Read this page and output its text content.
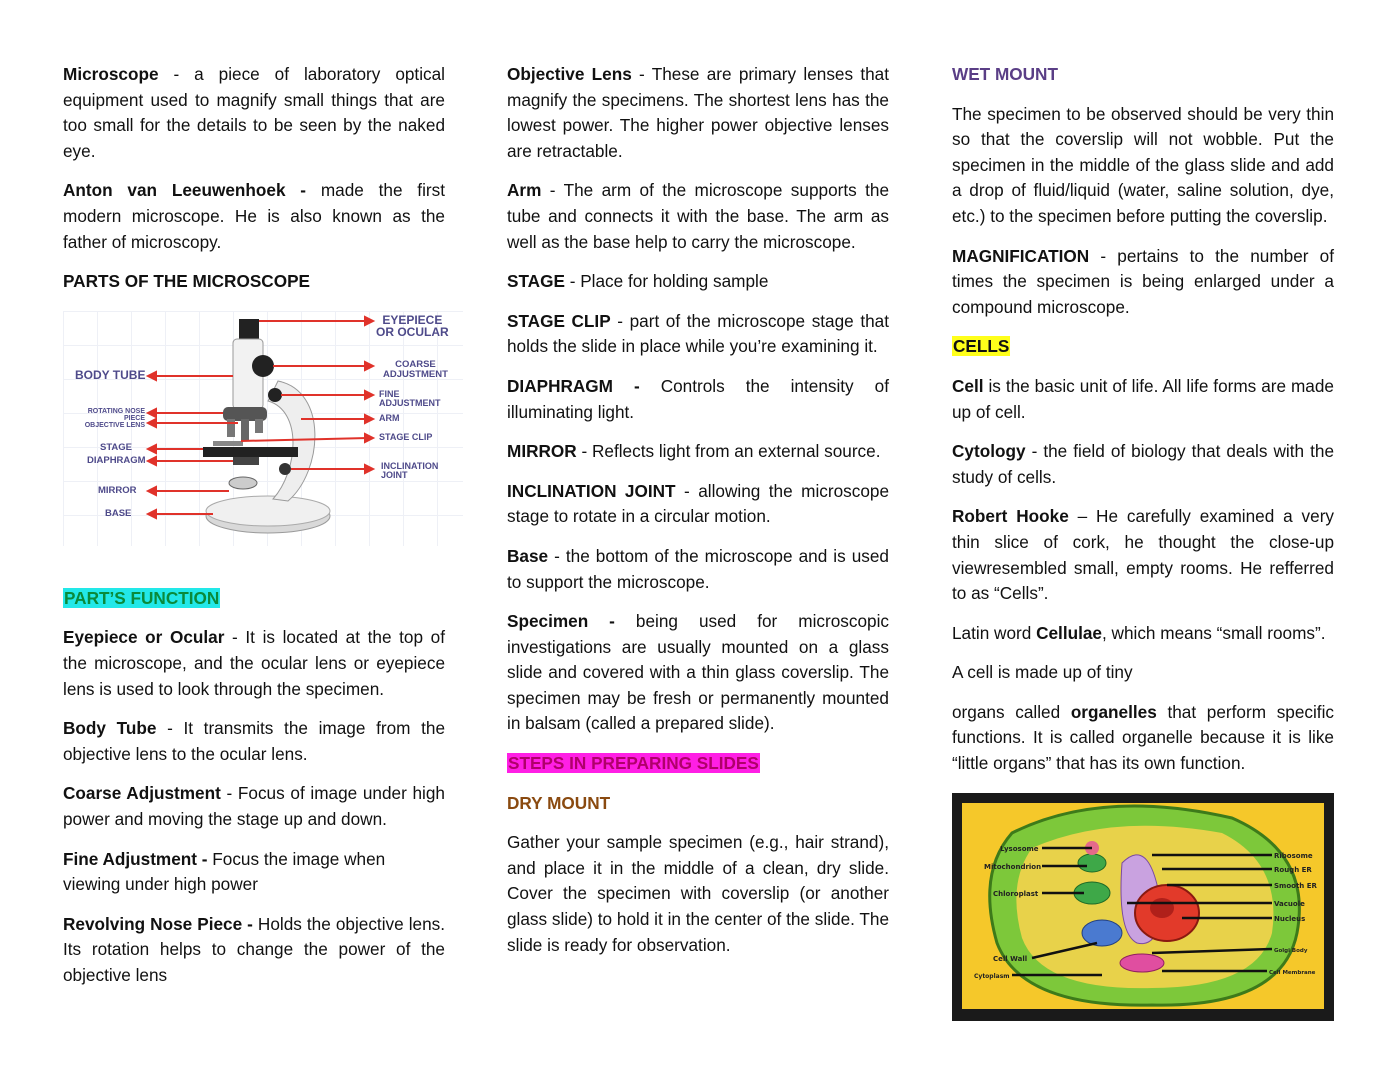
Microscope - a piece of laboratory optical equipment used to magnify small things that are too small for the details to be seen by the naked eye.

Anton van Leeuwenhoek - made the first modern microscope. He is also known as the father of microscopy.

PARTS OF THE MICROSCOPE
EYEPIECE
OR OCULAR
COARSE
ADJUSTMENT
FINE ADJUSTMENT
ARM
STAGE CLIP
INCLINATION
JOINT
BODY TUBE
ROTATING NOSE PIECE
OBJECTIVE LENS
STAGE
DIAPHRAGM
MIRROR
BASE
PART’S FUNCTION

Eyepiece or Ocular - It is located at the top of the microscope, and the ocular lens or eyepiece lens is used to look through the specimen.

Body Tube - It transmits the image from the objective lens to the ocular lens.

Coarse Adjustment - Focus of image under high power and moving the stage up and down.

Fine Adjustment - Focus the image when viewing under high power

Revolving Nose Piece - Holds the objective lens. Its rotation helps to change the power of the objective lens

Objective Lens - These are primary lenses that magnify the specimens. The shortest lens has the lowest power. The higher power objective lenses are retractable.

Arm - The arm of the microscope supports the tube and connects it with the base. The arm as well as the base help to carry the microscope.

STAGE - Place for holding sample

STAGE CLIP - part of the microscope stage that holds the slide in place while you’re examining it.

DIAPHRAGM - Controls the intensity of illuminating light.

MIRROR - Reflects light from an external source.

INCLINATION JOINT - allowing the microscope stage to rotate in a circular motion.

Base - the bottom of the microscope and is used to support the microscope.

Specimen - being used for microscopic investigations are usually mounted on a glass slide and covered with a thin glass coverslip. The specimen may be fresh or permanently mounted in balsam (called a prepared slide).

STEPS IN PREPARING SLIDES
DRY MOUNT

Gather your sample specimen (e.g., hair strand), and place it in the middle of a clean, dry slide. Cover the specimen with coverslip (or another glass slide) to hold it in the center of the slide. The slide is ready for observation.

WET MOUNT

The specimen to be observed should be very thin so that the coverslip will not wobble. Put the specimen in the middle of the glass slide and add a drop of fluid/liquid (water, saline solution, dye, etc.) to the specimen before putting the coverslip.

MAGNIFICATION - pertains to the number of times the specimen is being enlarged under a compound microscope.

CELLS

Cell is the basic unit of life. All life forms are made up of cell.

Cytology - the field of biology that deals with the study of cells.

Robert Hooke – He carefully examined a very thin slice of cork, he thought the close-up viewresembled small, empty rooms. He refferred to as “Cells”.

Latin word Cellulae, which means “small rooms”.

A cell is made up of tiny

organs called organelles that perform specific functions. It is called organelle because it is like “little organs” that has its own function.

Lysosome
Mitochondrion
Chloroplast
Cell Wall
Cytoplasm
Ribosome
Rough ER
Smooth ER
Vacuole
Nucleus
Golgi Body
Cell Membrane
